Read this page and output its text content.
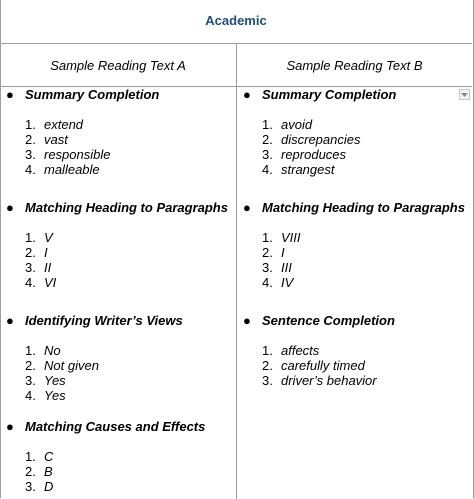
Academic
Sample Reading Text A	Sample Reading Text B
● Summary Completion
1. extend
2. vast
3. responsible
4. malleable
● Matching Heading to Paragraphs
1. V
2. I
3. II
4. VI
● Identifying Writer’s Views
1. No
2. Not given
3. Yes
4. Yes
● Matching Causes and Effects
1. C
2. B
3. D
● Summary Completion
1. avoid
2. discrepancies
3. reproduces
4. strangest
● Matching Heading to Paragraphs
1. VIII
2. I
3. III
4. IV
● Sentence Completion
1. affects
2. carefully timed
3. driver’s behavior
